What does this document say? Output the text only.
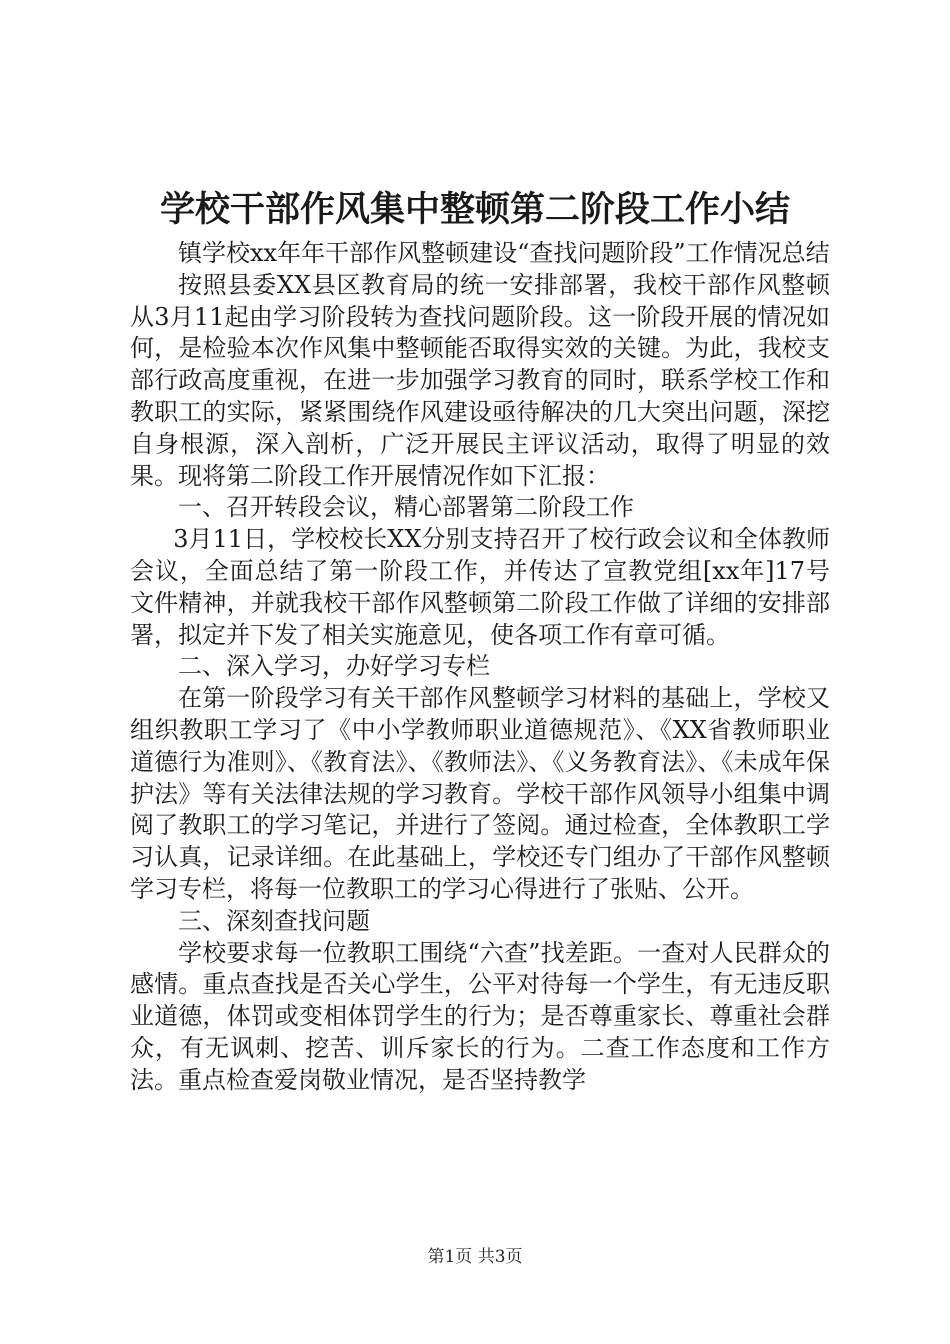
学校干部作风集中整顿第二阶段工作小结

镇学校xx年年干部作风整顿建设“查找问题阶段”工作情况总结

按照县委XX县区教育局的统一安排部署，我校干部作风整顿从3月11起由学习阶段转为查找问题阶段。这一阶段开展的情况如何，是检验本次作风集中整顿能否取得实效的关键。为此，我校支部行政高度重视，在进一步加强学习教育的同时，联系学校工作和教职工的实际，紧紧围绕作风建设亟待解决的几大突出问题，深挖自身根源，深入剖析，广泛开展民主评议活动，取得了明显的效果。现将第二阶段工作开展情况作如下汇报：

一、召开转段会议，精心部署第二阶段工作

3月11日，学校校长XX分别支持召开了校行政会议和全体教师会议，全面总结了第一阶段工作，并传达了宣教党组[xx年]17号文件精神，并就我校干部作风整顿第二阶段工作做了详细的安排部署，拟定并下发了相关实施意见，使各项工作有章可循。

二、深入学习，办好学习专栏

在第一阶段学习有关干部作风整顿学习材料的基础上，学校又组织教职工学习了《中小学教师职业道德规范》、《XX省教师职业道德行为准则》、《教育法》、《教师法》、《义务教育法》、《未成年保护法》等有关法律法规的学习教育。学校干部作风领导小组集中调阅了教职工的学习笔记，并进行了签阅。通过检查，全体教职工学习认真，记录详细。在此基础上，学校还专门组办了干部作风整顿学习专栏，将每一位教职工的学习心得进行了张贴、公开。

三、深刻查找问题

学校要求每一位教职工围绕“六查”找差距。一查对人民群众的感情。重点查找是否关心学生，公平对待每一个学生，有无违反职业道德，体罚或变相体罚学生的行为；是否尊重家长、尊重社会群众，有无讽刺、挖苦、训斥家长的行为。二查工作态度和工作方法。重点检查爱岗敬业情况，是否坚持教学

第1页 共3页
